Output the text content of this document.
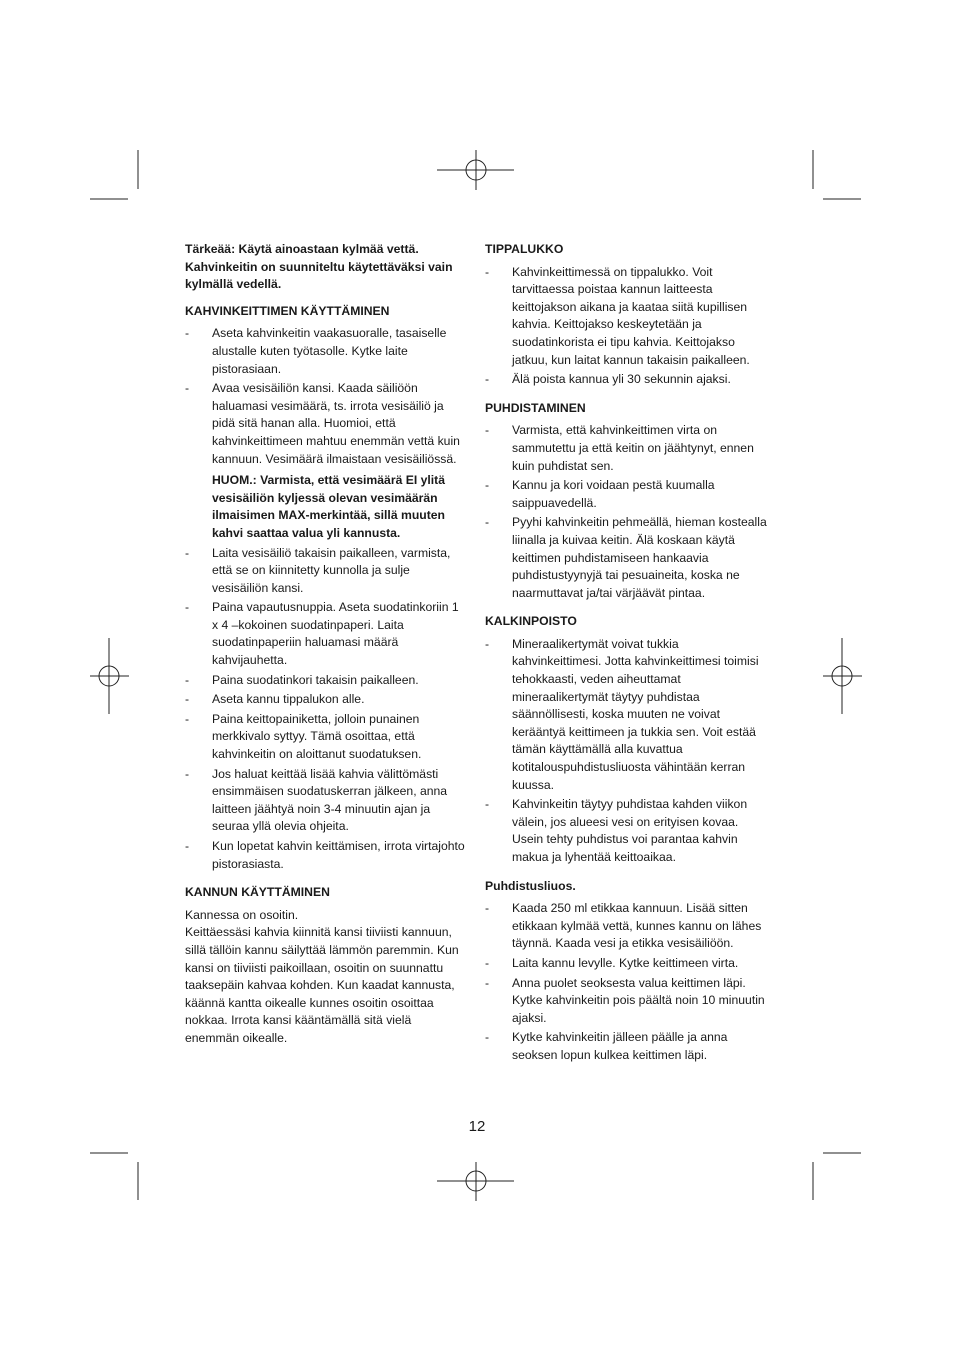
Tärkeää: Käytä ainoastaan kylmää vettä. Kahvinkeitin on suunniteltu käytettäväksi vain kylmällä vedellä.

KAHVINKEITTIMEN KÄYTTÄMINEN
- Aseta kahvinkeitin vaakasuoralle, tasaiselle alustalle kuten työtasolle. Kytke laite pistorasiaan.
- Avaa vesisäiliön kansi. Kaada säiliöön haluamasi vesimäärä, ts. irrota vesisäiliö ja pidä sitä hanan alla. Huomioi, että kahvinkeittimeen mahtuu enemmän vettä kuin kannuun. Vesimäärä ilmaistaan vesisäiliössä.
HUOM.: Varmista, että vesimäärä EI ylitä vesisäiliön kyljessä olevan vesimäärän ilmaisimen MAX-merkintää, sillä muuten kahvi saattaa valua yli kannusta.
- Laita vesisäiliö takaisin paikalleen, varmista, että se on kiinnitetty kunnolla ja sulje vesisäiliön kansi.
- Paina vapautusnuppia. Aseta suodatinkoriin 1 x 4 –kokoinen suodatinpaperi. Laita suodatinpaperiin haluamasi määrä kahvijauhetta.
- Paina suodatinkori takaisin paikalleen.
- Aseta kannu tippalukon alle.
- Paina keittopainiketta, jolloin punainen merkkivalo syttyy. Tämä osoittaa, että kahvinkeitin on aloittanut suodatuksen.
- Jos haluat keittää lisää kahvia välittömästi ensimmäisen suodatuskerran jälkeen, anna laitteen jäähtyä noin 3-4 minuutin ajan ja seuraa yllä olevia ohjeita.
- Kun lopetat kahvin keittämisen, irrota virtajohto pistorasiasta.
KANNUN KÄYTTÄMINEN

Kannessa on osoitin.

Keittäessäsi kahvia kiinnitä kansi tiiviisti kannuun, sillä tällöin kannu säilyttää lämmön paremmin. Kun kansi on tiiviisti paikoillaan, osoitin on suunnattu taaksepäin kahvaa kohden. Kun kaadat kannusta, käännä kantta oikealle kunnes osoitin osoittaa nokkaa. Irrota kansi kääntämällä sitä vielä enemmän oikealle.

TIPPALUKKO
- Kahvinkeittimessä on tippalukko. Voit tarvittaessa poistaa kannun laitteesta keittojakson aikana ja kaataa siitä kupillisen kahvia. Keittojakso keskeytetään ja suodatinkorista ei tipu kahvia. Keittojakso jatkuu, kun laitat kannun takaisin paikalleen.
- Älä poista kannua yli 30 sekunnin ajaksi.
PUHDISTAMINEN
- Varmista, että kahvinkeittimen virta on sammutettu ja että keitin on jäähtynyt, ennen kuin puhdistat sen.
- Kannu ja kori voidaan pestä kuumalla saippuavedellä.
- Pyyhi kahvinkeitin pehmeällä, hieman kostealla liinalla ja kuivaa keitin. Älä koskaan käytä keittimen puhdistamiseen hankaavia puhdistustyynyjä tai pesuaineita, koska ne naarmuttavat ja/tai värjäävät pintaa.
KALKINPOISTO
- Mineraalikertymät voivat tukkia kahvinkeittimesi. Jotta kahvinkeittimesi toimisi tehokkaasti, veden aiheuttamat mineraalikertymät täytyy puhdistaa säännöllisesti, koska muuten ne voivat kerääntyä keittimeen ja tukkia sen. Voit estää tämän käyttämällä alla kuvattua kotitalouspuhdistusliuosta vähintään kerran kuussa.
- Kahvinkeitin täytyy puhdistaa kahden viikon välein, jos alueesi vesi on erityisen kovaa. Usein tehty puhdistus voi parantaa kahvin makua ja lyhentää keittoaikaa.
Puhdistusliuos.
- Kaada 250 ml etikkaa kannuun. Lisää sitten etikkaan kylmää vettä, kunnes kannu on lähes täynnä. Kaada vesi ja etikka vesisäiliöön.
- Laita kannu levylle. Kytke keittimeen virta.
- Anna puolet seoksesta valua keittimen läpi. Kytke kahvinkeitin pois päältä noin 10 minuutin ajaksi.
- Kytke kahvinkeitin jälleen päälle ja anna seoksen lopun kulkea keittimen läpi.
12
